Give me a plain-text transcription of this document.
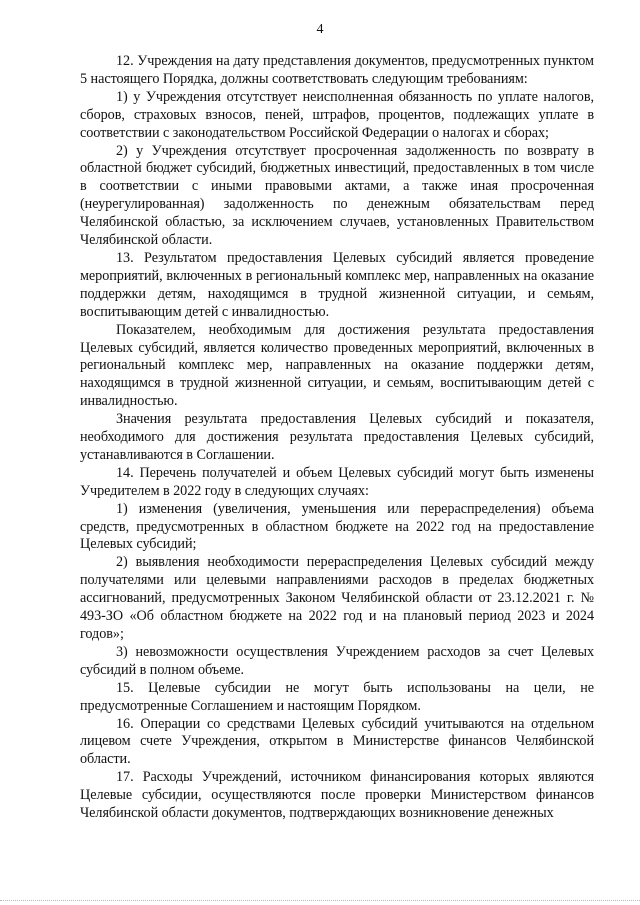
4

12. Учреждения на дату представления документов, предусмотренных пунктом 5 настоящего Порядка, должны соответствовать следующим требованиям:

1) у Учреждения отсутствует неисполненная обязанность по уплате налогов, сборов, страховых взносов, пеней, штрафов, процентов, подлежащих уплате в соответствии с законодательством Российской Федерации о налогах и сборах;

2) у Учреждения отсутствует просроченная задолженность по возврату в областной бюджет субсидий, бюджетных инвестиций, предоставленных в том числе в соответствии с иными правовыми актами, а также иная просроченная (неурегулированная) задолженность по денежным обязательствам перед Челябинской областью, за исключением случаев, установленных Правительством Челябинской области.

13. Результатом предоставления Целевых субсидий является проведение мероприятий, включенных в региональный комплекс мер, направленных на оказание поддержки детям, находящимся в трудной жизненной ситуации, и семьям, воспитывающим детей с инвалидностью.

Показателем, необходимым для достижения результата предоставления Целевых субсидий, является количество проведенных мероприятий, включенных в региональный комплекс мер, направленных на оказание поддержки детям, находящимся в трудной жизненной ситуации, и семьям, воспитывающим детей с инвалидностью.

Значения результата предоставления Целевых субсидий и показателя, необходимого для достижения результата предоставления Целевых субсидий, устанавливаются в Соглашении.

14. Перечень получателей и объем Целевых субсидий могут быть изменены Учредителем в 2022 году в следующих случаях:

1) изменения (увеличения, уменьшения или перераспределения) объема средств, предусмотренных в областном бюджете на 2022 год на предоставление Целевых субсидий;

2) выявления необходимости перераспределения Целевых субсидий между получателями или целевыми направлениями расходов в пределах бюджетных ассигнований, предусмотренных Законом Челябинской области от 23.12.2021 г. № 493-ЗО «Об областном бюджете на 2022 год и на плановый период 2023 и 2024 годов»;

3) невозможности осуществления Учреждением расходов за счет Целевых субсидий в полном объеме.

15. Целевые субсидии не могут быть использованы на цели, не предусмотренные Соглашением и настоящим Порядком.

16. Операции со средствами Целевых субсидий учитываются на отдельном лицевом счете Учреждения, открытом в Министерстве финансов Челябинской области.

17. Расходы Учреждений, источником финансирования которых являются Целевые субсидии, осуществляются после проверки Министерством финансов Челябинской области документов, подтверждающих возникновение денежных
